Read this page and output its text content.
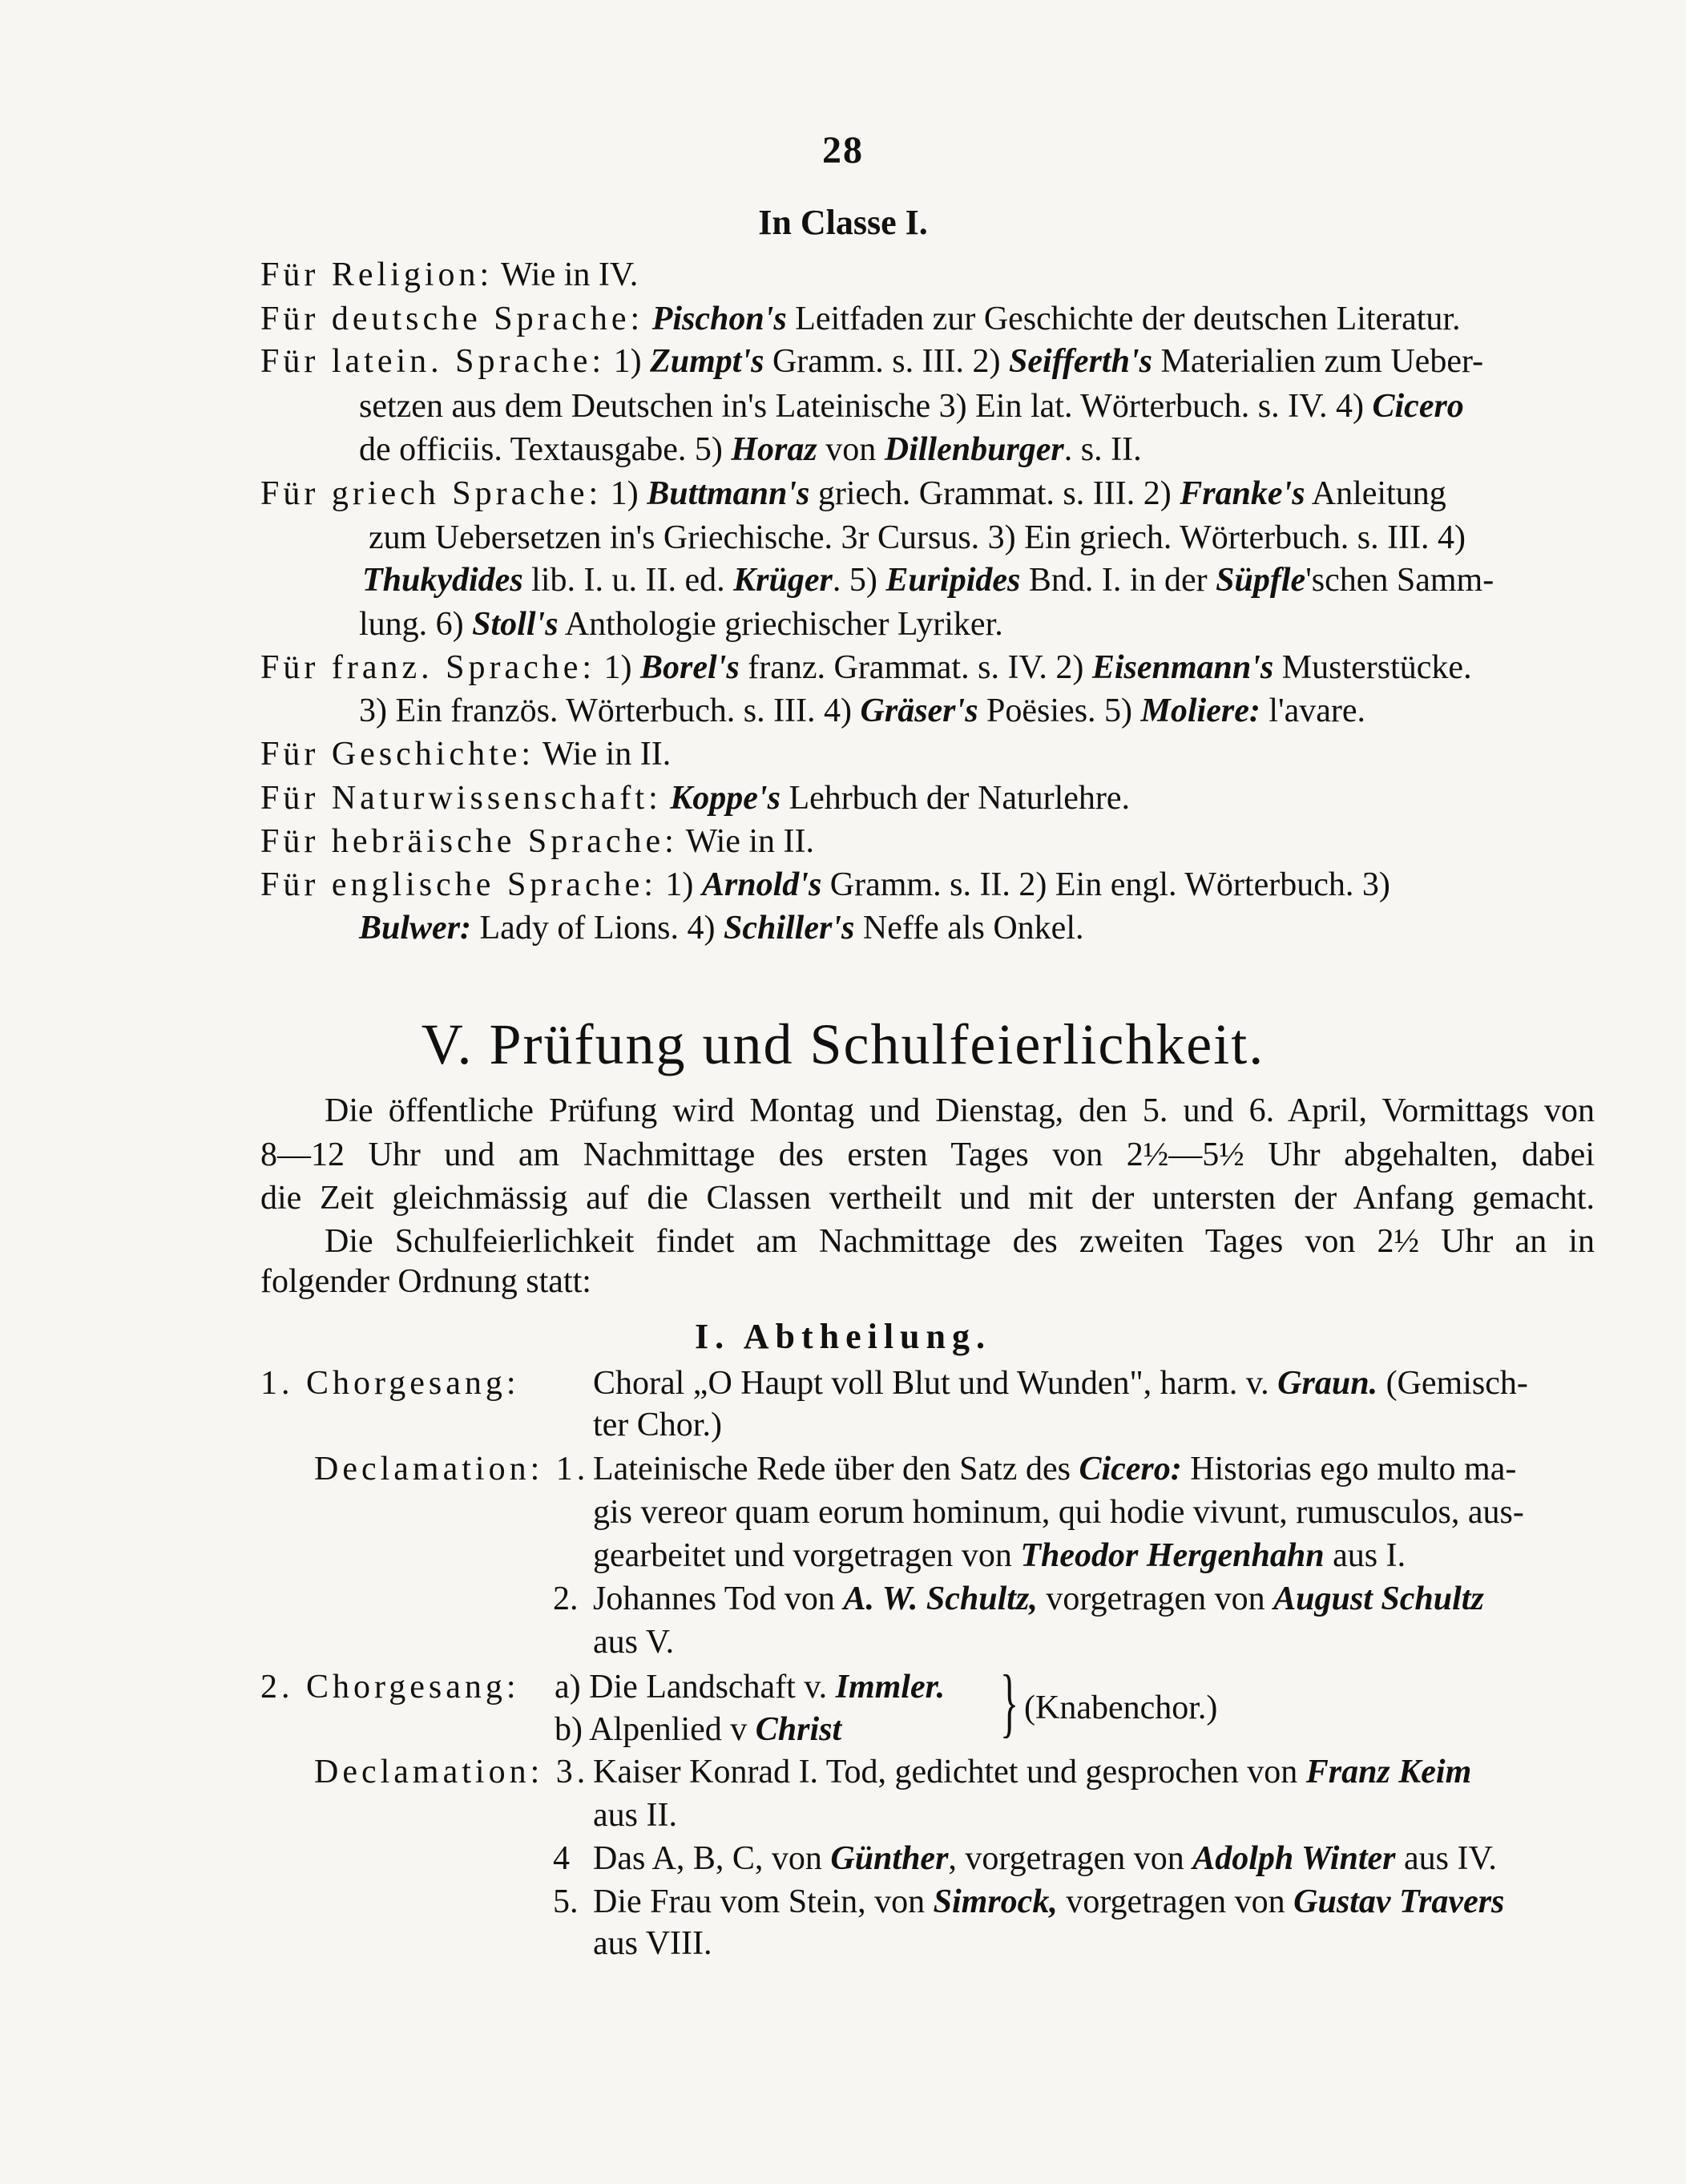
28
In Classe I.
Für Religion: Wie in IV.
Für deutsche Sprache: Pischon's Leitfaden zur Geschichte der deutschen Literatur.
Für latein. Sprache: 1) Zumpt's Gramm. s. III. 2) Seifferth's Materialien zum Ueber-
setzen aus dem Deutschen in's Lateinische 3) Ein lat. Wörterbuch. s. IV. 4) Cicero
de officiis. Textausgabe. 5) Horaz von Dillenburger. s. II.
Für griech Sprache: 1) Buttmann's griech. Grammat. s. III. 2) Franke's Anleitung
zum Uebersetzen in's Griechische. 3r Cursus. 3) Ein griech. Wörterbuch. s. III. 4)
Thukydides lib. I. u. II. ed. Krüger. 5) Euripides Bnd. I. in der Süpfle'schen Samm-
lung. 6) Stoll's Anthologie griechischer Lyriker.
Für franz. Sprache: 1) Borel's franz. Grammat. s. IV. 2) Eisenmann's Musterstücke.
3) Ein französ. Wörterbuch. s. III. 4) Gräser's Poësies. 5) Moliere: l'avare.
Für Geschichte: Wie in II.
Für Naturwissenschaft: Koppe's Lehrbuch der Naturlehre.
Für hebräische Sprache: Wie in II.
Für englische Sprache: 1) Arnold's Gramm. s. II. 2) Ein engl. Wörterbuch. 3)
Bulwer: Lady of Lions. 4) Schiller's Neffe als Onkel.
V. Prüfung und Schulfeierlichkeit.
Die öffentliche Prüfung wird Montag und Dienstag, den 5. und 6. April, Vormittags von
8—12 Uhr und am Nachmittage des ersten Tages von 2½—5½ Uhr abgehalten, dabei
die Zeit gleichmässig auf die Classen vertheilt und mit der untersten der Anfang gemacht.
Die Schulfeierlichkeit findet am Nachmittage des zweiten Tages von 2½ Uhr an in
folgender Ordnung statt:
I. Abtheilung.
1. Chorgesang: Choral „O Haupt voll Blut und Wunden", harm. v. Graun. (Gemisch-
ter Chor.)
Declamation: 1. Lateinische Rede über den Satz des Cicero: Historias ego multo ma-
gis vereor quam eorum hominum, qui hodie vivunt, rumusculos, aus-
gearbeitet und vorgetragen von Theodor Hergenhahn aus I.
2. Johannes Tod von A. W. Schultz, vorgetragen von August Schultz
aus V.
2. Chorgesang: a) Die Landschaft v. Immler.
b) Alpenlied v Christ } (Knabenchor.)
Declamation: 3. Kaiser Konrad I. Tod, gedichtet und gesprochen von Franz Keim
aus II.
4 Das A, B, C, von Günther, vorgetragen von Adolph Winter aus IV.
5. Die Frau vom Stein, von Simrock, vorgetragen von Gustav Travers
aus VIII.
